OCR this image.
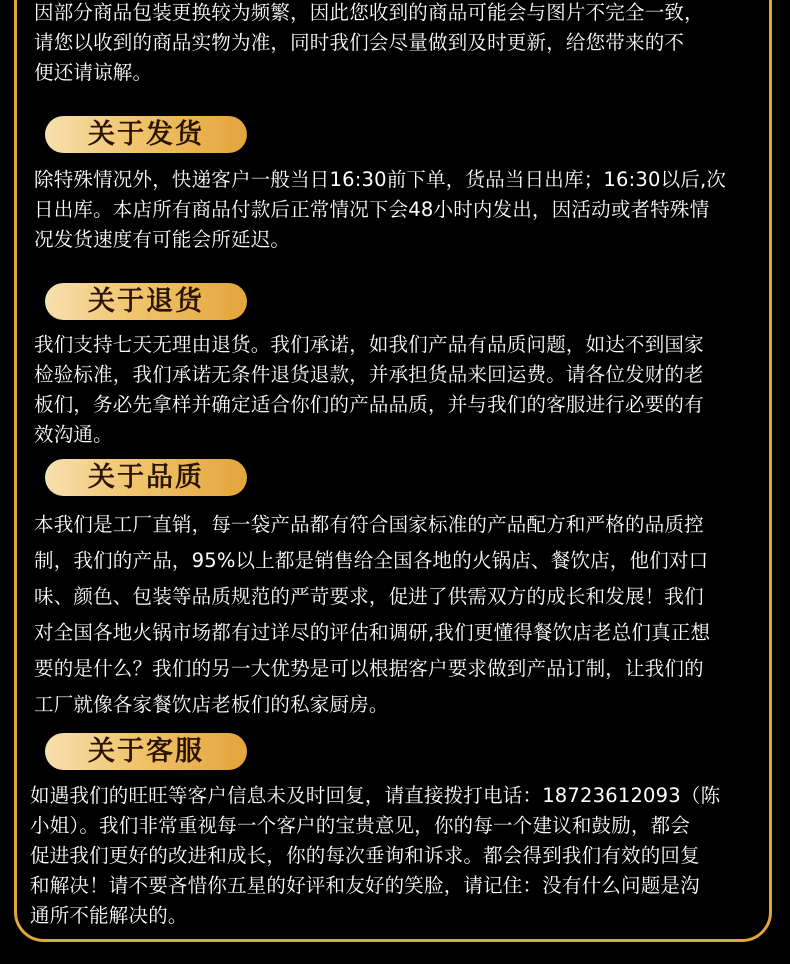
因部分商品包装更换较为频繁，因此您收到的商品可能会与图片不完全一致，
请您以收到的商品实物为准，同时我们会尽量做到及时更新，给您带来的不
便还请谅解。
关于发货
除特殊情况外，快递客户一般当日16:30前下单，货品当日出库；16:30以后,次
日出库。本店所有商品付款后正常情况下会48小时内发出，因活动或者特殊情
况发货速度有可能会所延迟。
关于退货
我们支持七天无理由退货。我们承诺，如我们产品有品质问题，如达不到国家
检验标准，我们承诺无条件退货退款，并承担货品来回运费。请各位发财的老
板们，务必先拿样并确定适合你们的产品品质，并与我们的客服进行必要的有
效沟通。
关于品质
本我们是工厂直销，每一袋产品都有符合国家标准的产品配方和严格的品质控
制，我们的产品，95%以上都是销售给全国各地的火锅店、餐饮店，他们对口
味、颜色、包装等品质规范的严苛要求，促进了供需双方的成长和发展！我们
对全国各地火锅市场都有过详尽的评估和调研,我们更懂得餐饮店老总们真正想
要的是什么？我们的另一大优势是可以根据客户要求做到产品订制，让我们的
工厂就像各家餐饮店老板们的私家厨房。
关于客服
如遇我们的旺旺等客户信息未及时回复，请直接拨打电话：18723612093（陈
小姐）。我们非常重视每一个客户的宝贵意见，你的每一个建议和鼓励，都会
促进我们更好的改进和成长，你的每次垂询和诉求。都会得到我们有效的回复
和解决！请不要吝惜你五星的好评和友好的笑脸，请记住：没有什么问题是沟
通所不能解决的。
